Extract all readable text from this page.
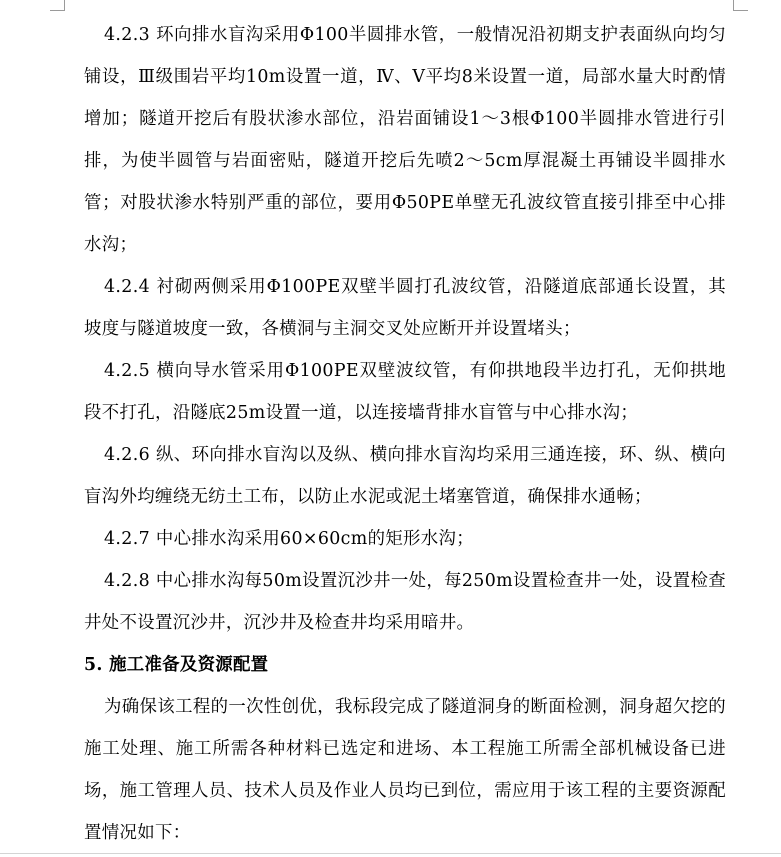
4.2.3 环向排水盲沟采用Φ100半圆排水管，一般情况沿初期支护表面纵向均匀铺设，Ⅲ级围岩平均10m设置一道，Ⅳ、Ⅴ平均8米设置一道，局部水量大时酌情增加；隧道开挖后有股状渗水部位，沿岩面铺设1～3根Φ100半圆排水管进行引排，为使半圆管与岩面密贴，隧道开挖后先喷2～5cm厚混凝土再铺设半圆排水管；对股状渗水特别严重的部位，要用Φ50PE单壁无孔波纹管直接引排至中心排水沟；

4.2.4 衬砌两侧采用Φ100PE双壁半圆打孔波纹管，沿隧道底部通长设置，其坡度与隧道坡度一致，各横洞与主洞交叉处应断开并设置堵头；

4.2.5 横向导水管采用Φ100PE双壁波纹管，有仰拱地段半边打孔，无仰拱地段不打孔，沿隧底25m设置一道，以连接墙背排水盲管与中心排水沟；

4.2.6 纵、环向排水盲沟以及纵、横向排水盲沟均采用三通连接，环、纵、横向盲沟外均缠绕无纺土工布，以防止水泥或泥土堵塞管道，确保排水通畅；

4.2.7 中心排水沟采用60×60cm的矩形水沟；

4.2.8 中心排水沟每50m设置沉沙井一处，每250m设置检查井一处，设置检查井处不设置沉沙井，沉沙井及检查井均采用暗井。

5. 施工准备及资源配置

为确保该工程的一次性创优，我标段完成了隧道洞身的断面检测，洞身超欠挖的施工处理、施工所需各种材料已选定和进场、本工程施工所需全部机械设备已进场，施工管理人员、技术人员及作业人员均已到位，需应用于该工程的主要资源配置情况如下：
